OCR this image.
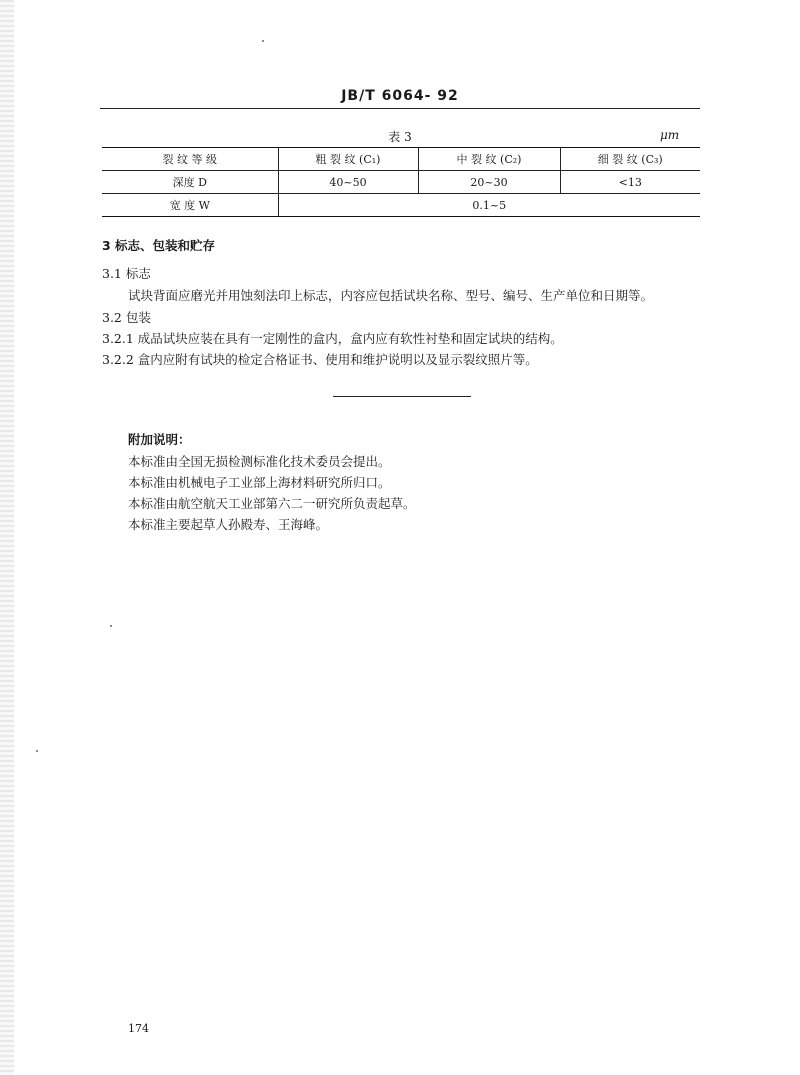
JB/T 6064- 92
表 3	μm
裂 纹 等 级	粗 裂 纹 (C₁)	中 裂 纹 (C₂)	细 裂 纹 (C₃)
深度 D	40~50	20~30	<13
宽 度 W	0.1~5		
3 标志、包装和贮存
3.1 标志
试块背面应磨光并用蚀刻法印上标志，内容应包括试块名称、型号、编号、生产单位和日期等。
3.2 包装
3.2.1 成品试块应装在具有一定刚性的盒内，盒内应有软性衬垫和固定试块的结构。
3.2.2 盒内应附有试块的检定合格证书、使用和维护说明以及显示裂纹照片等。
附加说明：
本标准由全国无损检测标准化技术委员会提出。
本标准由机械电子工业部上海材料研究所归口。
本标准由航空航天工业部第六二一研究所负责起草。
本标准主要起草人孙殿寿、王海峰。
174
